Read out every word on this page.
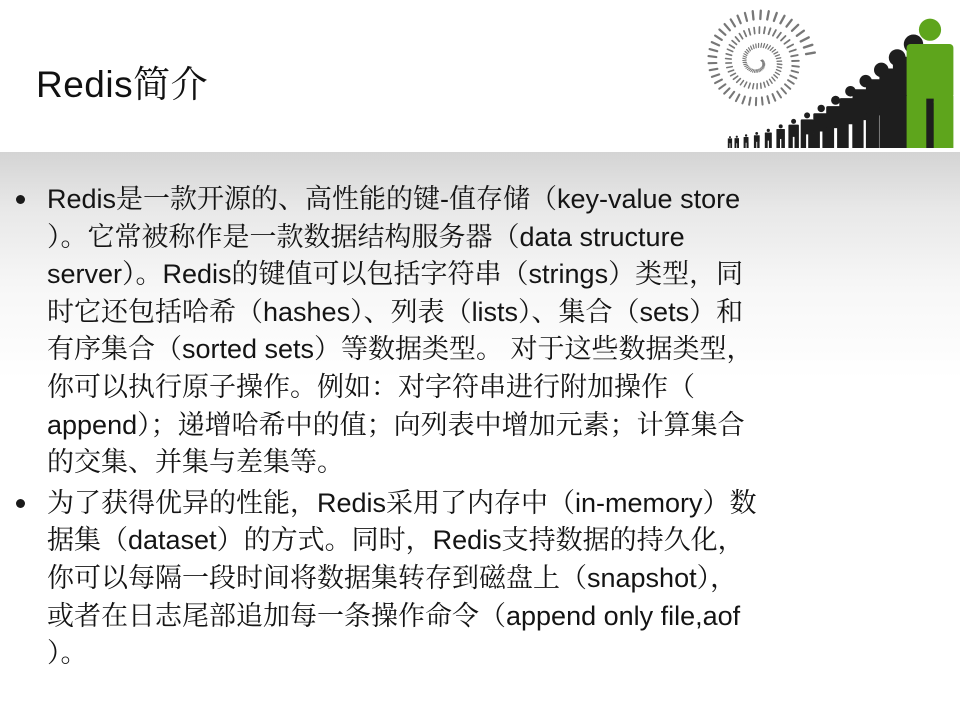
Redis简介
Redis是一款开源的、高性能的键-值存储（key-value store
）。它常被称作是一款数据结构服务器（data structure
server）。Redis的键值可以包括字符串（strings）类型，同
时它还包括哈希（hashes）、列表（lists）、集合（sets）和
有序集合（sorted sets）等数据类型。 对于这些数据类型，
你可以执行原子操作。例如：对字符串进行附加操作（
append）；递增哈希中的值；向列表中增加元素；计算集合
的交集、并集与差集等。
为了获得优异的性能，Redis采用了内存中（in-memory）数
据集（dataset）的方式。同时，Redis支持数据的持久化，
你可以每隔一段时间将数据集转存到磁盘上（snapshot），
或者在日志尾部追加每一条操作命令（append only file,aof
）。
